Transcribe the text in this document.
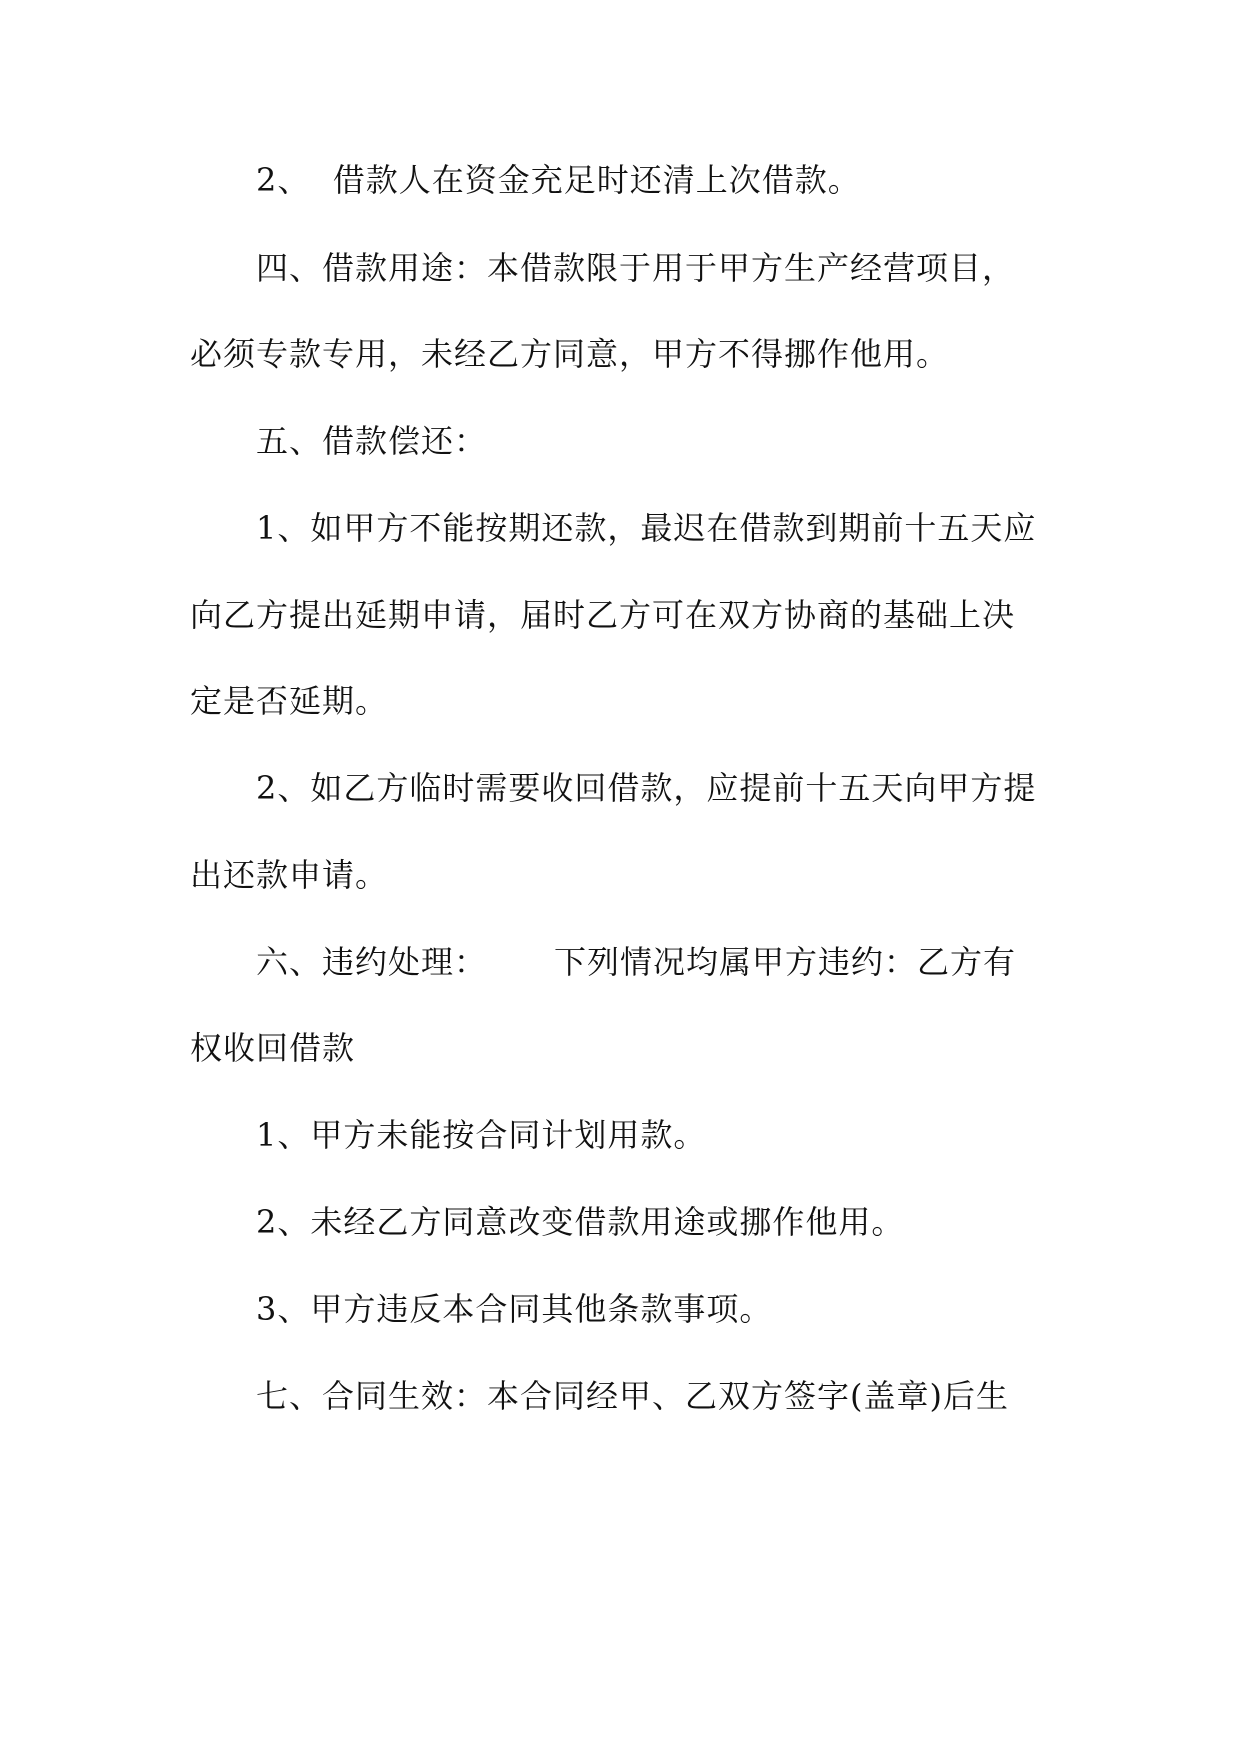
2、  借款人在资金充足时还清上次借款。

四、借款用途：本借款限于用于甲方生产经营项目，

必须专款专用，未经乙方同意，甲方不得挪作他用。

五、借款偿还：

1、如甲方不能按期还款，最迟在借款到期前十五天应

向乙方提出延期申请，届时乙方可在双方协商的基础上决

定是否延期。

2、如乙方临时需要收回借款，应提前十五天向甲方提

出还款申请。

六、违约处理：      下列情况均属甲方违约：乙方有

权收回借款

1、甲方未能按合同计划用款。

2、未经乙方同意改变借款用途或挪作他用。

3、甲方违反本合同其他条款事项。

七、合同生效：本合同经甲、乙双方签字(盖章)后生
